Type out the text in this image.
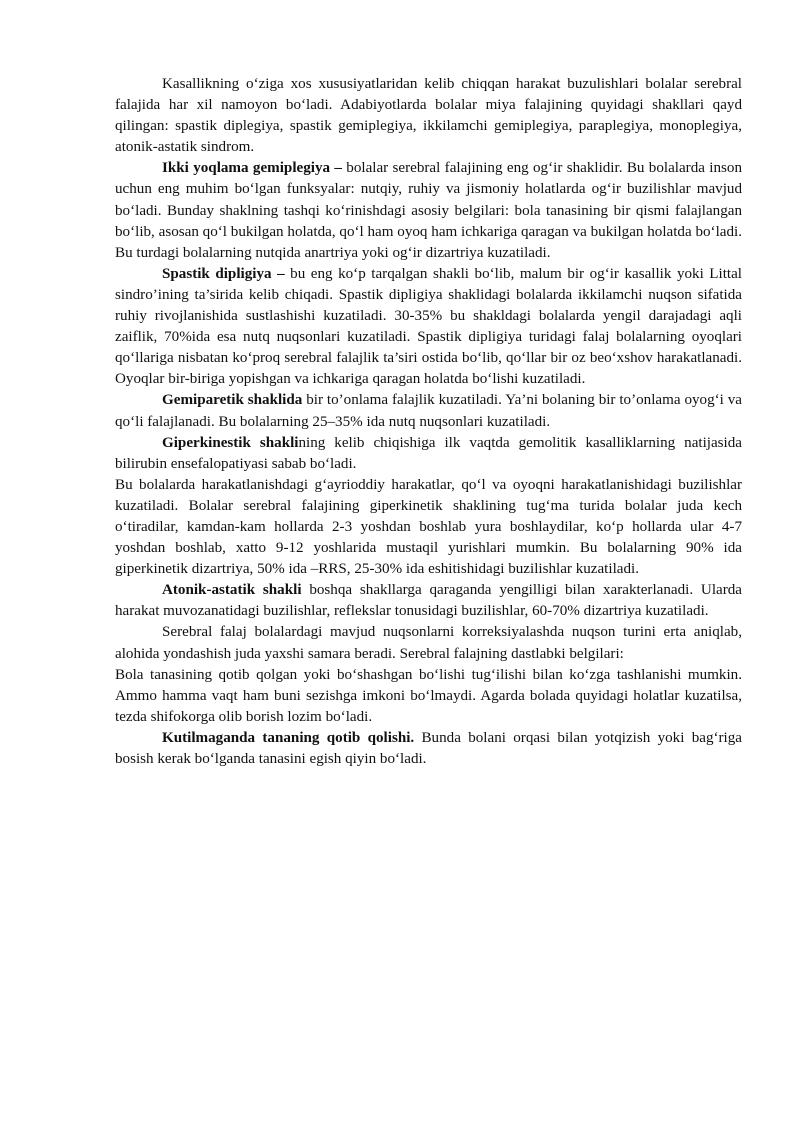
Kasallikning o‘ziga xos xususiyatlaridan kelib chiqqan harakat buzulishlari bolalar serebral falajida har xil namoyon bo‘ladi. Adabiyotlarda bolalar miya falajining quyidagi shakllari qayd qilingan: spastik diplegiya, spastik gemiplegiya, ikkilamchi gemiplegiya, paraplegiya, monoplegiya, atonik-astatik sindrom.

Ikki yoqlama gemiplegiya – bolalar serebral falajining eng og‘ir shaklidir. Bu bolalarda inson uchun eng muhim bo‘lgan funksyalar: nutqiy, ruhiy va jismoniy holatlarda og‘ir buzilishlar mavjud bo‘ladi. Bunday shaklning tashqi ko‘rinishdagi asosiy belgilari: bola tanasining bir qismi falajlangan bo‘lib, asosan qo‘l bukilgan holatda, qo‘l ham oyoq ham ichkariga qaragan va bukilgan holatda bo‘ladi. Bu turdagi bolalarning nutqida anartriya yoki og‘ir dizartriya kuzatiladi.

Spastik dipligiya – bu eng ko‘p tarqalgan shakli bo‘lib, malum bir og‘ir kasallik yoki Littal sindro’ining ta’sirida kelib chiqadi. Spastik dipligiya shaklidagi bolalarda ikkilamchi nuqson sifatida ruhiy rivojlanishida sustlashishi kuzatiladi. 30-35% bu shakldagi bolalarda yengil darajadagi aqli zaiflik, 70%ida esa nutq nuqsonlari kuzatiladi. Spastik dipligiya turidagi falaj bolalarning oyoqlari qo‘llariga nisbatan ko‘proq serebral falajlik ta’siri ostida bo‘lib, qo‘llar bir oz beo‘xshov harakatlanadi. Oyoqlar bir-biriga yopishgan va ichkariga qaragan holatda bo‘lishi kuzatiladi.

Gemiparetik shaklida bir to’onlama falajlik kuzatiladi. Ya’ni bolaning bir to’onlama oyog‘i va qo‘li falajlanadi. Bu bolalarning 25–35% ida nutq nuqsonlari kuzatiladi.

Giperkinestik shaklining kelib chiqishiga ilk vaqtda gemolitik kasalliklarning natijasida bilirubin ensefalopatiyasi sabab bo‘ladi.

Bu bolalarda harakatlanishdagi g‘ayrioddiy harakatlar, qo‘l va oyoqni harakatlanishidagi buzilishlar kuzatiladi. Bolalar serebral falajining giperkinetik shaklining tug‘ma turida bolalar juda kech o‘tiradilar, kamdan-kam hollarda 2-3 yoshdan boshlab yura boshlaydilar, ko‘p hollarda ular 4-7 yoshdan boshlab, xatto 9-12 yoshlarida mustaqil yurishlari mumkin. Bu bolalarning 90% ida giperkinetik dizartriya, 50% ida –RRS, 25-30% ida eshitishidagi buzilishlar kuzatiladi.

Atonik-astatik shakli boshqa shakllarga qaraganda yengilligi bilan xarakterlanadi. Ularda harakat muvozanatidagi buzilishlar, reflekslar tonusidagi buzilishlar, 60-70% dizartriya kuzatiladi.

Serebral falaj bolalardagi mavjud nuqsonlarni korreksiyalashda nuqson turini erta aniqlab, alohida yondashish juda yaxshi samara beradi. Serebral falajning dastlabki belgilari:

Bola tanasining qotib qolgan yoki bo‘shashgan bo‘lishi tug‘ilishi bilan ko‘zga tashlanishi mumkin. Ammo hamma vaqt ham buni sezishga imkoni bo‘lmaydi. Agarda bolada quyidagi holatlar kuzatilsa, tezda shifokorga olib borish lozim bo‘ladi.

Kutilmaganda tananing qotib qolishi. Bunda bolani orqasi bilan yotqizish yoki bag‘riga bosish kerak bo‘lganda tanasini egish qiyin bo‘ladi.
